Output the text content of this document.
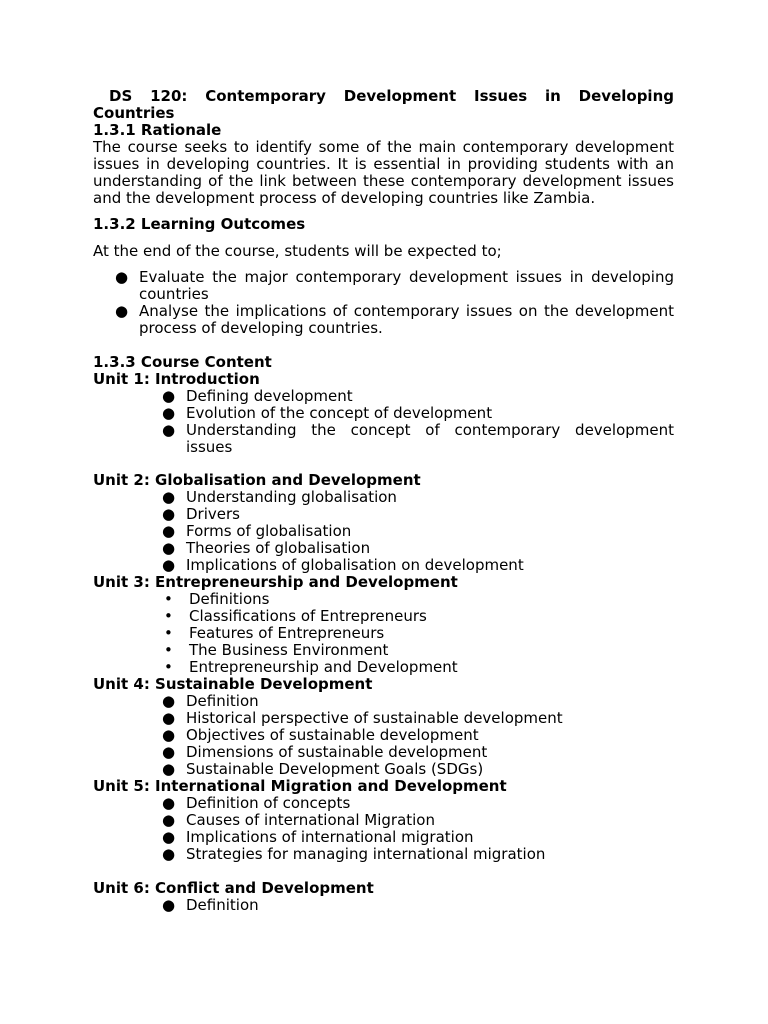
DS 120: Contemporary Development Issues in Developing
Countries
1.3.1 Rationale
The course seeks to identify some of the main contemporary development issues in developing countries. It is essential in providing students with an understanding of the link between these contemporary development issues and the development process of developing countries like Zambia.
1.3.2 Learning Outcomes
At the end of the course, students will be expected to;
● Evaluate the major contemporary development issues in developing countries
● Analyse the implications of contemporary issues on the development process of developing countries.
1.3.3 Course Content
Unit 1: Introduction
● Defining development
● Evolution of the concept of development
● Understanding the concept of contemporary development issues
Unit 2: Globalisation and Development
● Understanding globalisation
● Drivers
● Forms of globalisation
● Theories of globalisation
● Implications of globalisation on development
Unit 3: Entrepreneurship and Development
• Definitions
• Classifications of Entrepreneurs
• Features of Entrepreneurs
• The Business Environment
• Entrepreneurship and Development
Unit 4: Sustainable Development
● Definition
● Historical perspective of sustainable development
● Objectives of sustainable development
● Dimensions of sustainable development
● Sustainable Development Goals (SDGs)
Unit 5: International Migration and Development
● Definition of concepts
● Causes of international Migration
● Implications of international migration
● Strategies for managing international migration
Unit 6: Conflict and Development
● Definition
